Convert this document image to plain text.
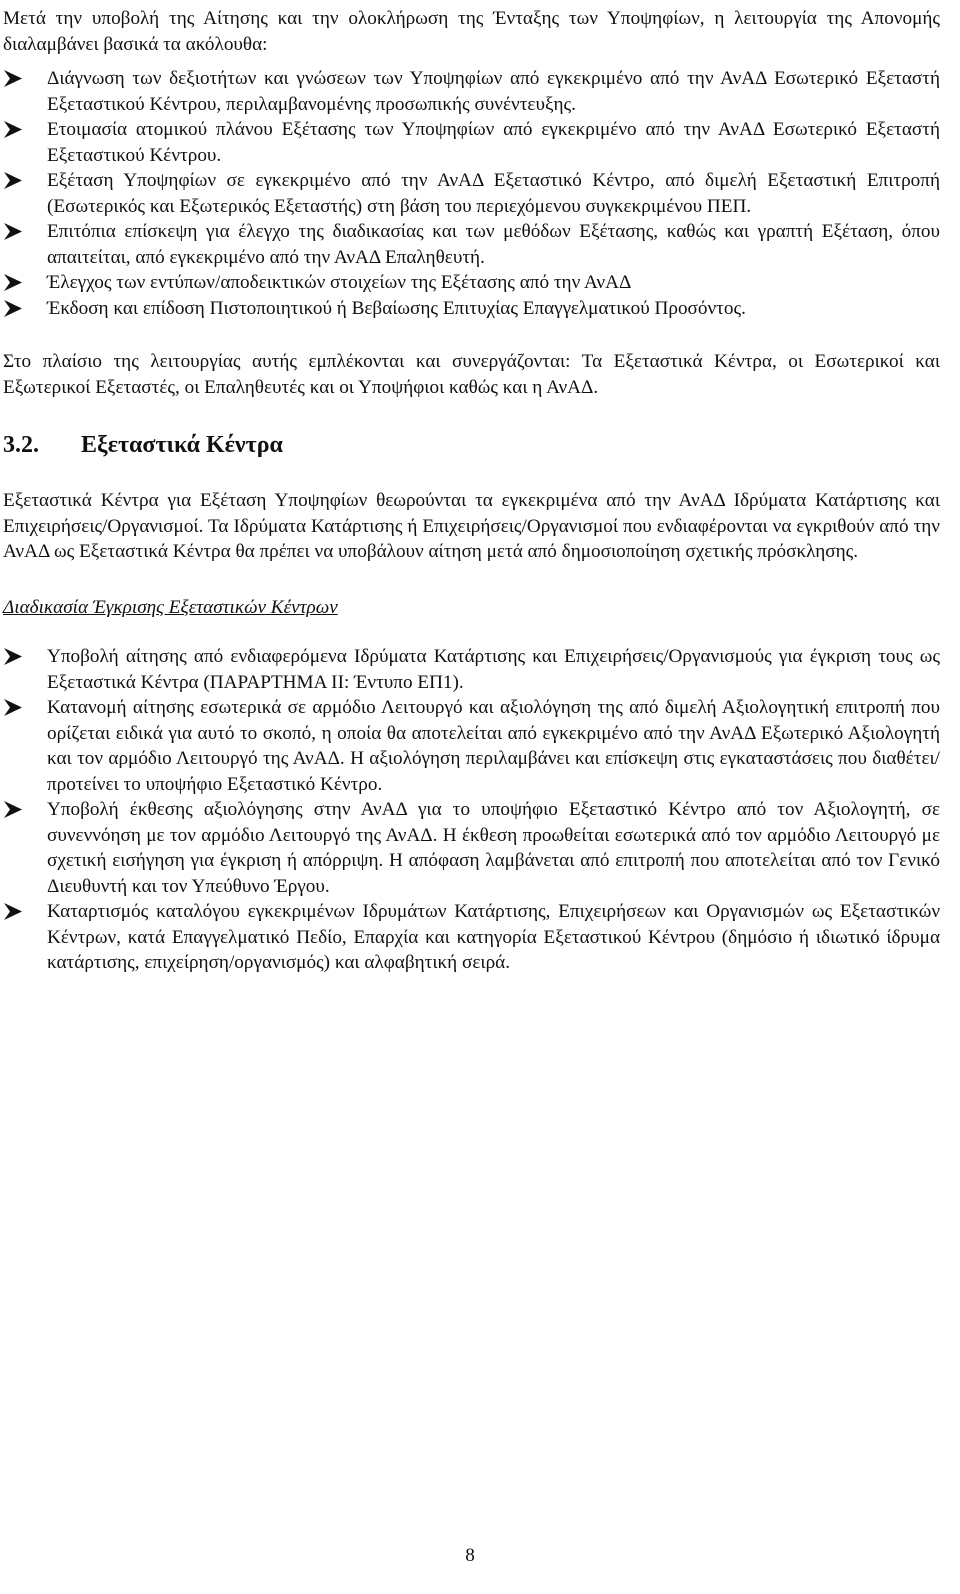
Μετά την υποβολή της Αίτησης και την ολοκλήρωση της Ένταξης των Υποψηφίων, η λειτουργία της Απονομής διαλαμβάνει βασικά τα ακόλουθα:

Διάγνωση των δεξιοτήτων και γνώσεων των Υποψηφίων από εγκεκριμένο από την ΑνΑΔ Εσωτερικό Εξεταστή Εξεταστικού Κέντρου, περιλαμβανομένης προσωπικής συνέντευξης.
Ετοιμασία ατομικού πλάνου Εξέτασης των Υποψηφίων από εγκεκριμένο από την ΑνΑΔ Εσωτερικό Εξεταστή Εξεταστικού Κέντρου.
Εξέταση Υποψηφίων σε εγκεκριμένο από την ΑνΑΔ Εξεταστικό Κέντρο, από διμελή Εξεταστική Επιτροπή (Εσωτερικός και Εξωτερικός Εξεταστής) στη βάση του περιεχόμενου συγκεκριμένου ΠΕΠ.
Επιτόπια επίσκεψη για έλεγχο της διαδικασίας και των μεθόδων Εξέτασης, καθώς και γραπτή Εξέταση, όπου απαιτείται, από εγκεκριμένο από την ΑνΑΔ Επαληθευτή.
Έλεγχος των εντύπων/αποδεικτικών στοιχείων της Εξέτασης από την ΑνΑΔ
Έκδοση και επίδοση Πιστοποιητικού ή Βεβαίωσης Επιτυχίας Επαγγελματικού Προσόντος.

Στο πλαίσιο της λειτουργίας αυτής εμπλέκονται και συνεργάζονται: Τα Εξεταστικά Κέντρα, οι Εσωτερικοί και Εξωτερικοί Εξεταστές, οι Επαληθευτές και οι Υποψήφιοι καθώς και η ΑνΑΔ.

3.2. Εξεταστικά Κέντρα

Εξεταστικά Κέντρα για Εξέταση Υποψηφίων θεωρούνται τα εγκεκριμένα από την ΑνΑΔ Ιδρύματα Κατάρτισης και Επιχειρήσεις/Οργανισμοί. Τα Ιδρύματα Κατάρτισης ή Επιχειρήσεις/Οργανισμοί που ενδιαφέρονται να εγκριθούν από την ΑνΑΔ ως Εξεταστικά Κέντρα θα πρέπει να υποβάλουν αίτηση μετά από δημοσιοποίηση σχετικής πρόσκλησης.

Διαδικασία Έγκρισης Εξεταστικών Κέντρων
Υποβολή αίτησης από ενδιαφερόμενα Ιδρύματα Κατάρτισης και Επιχειρήσεις/Οργανισμούς για έγκριση τους ως Εξεταστικά Κέντρα (ΠΑΡΑΡΤΗΜΑ ΙΙ: Έντυπο ΕΠ1).
Κατανομή αίτησης εσωτερικά σε αρμόδιο Λειτουργό και αξιολόγηση της από διμελή Αξιολογητική επιτροπή που ορίζεται ειδικά για αυτό το σκοπό, η οποία θα αποτελείται από εγκεκριμένο από την ΑνΑΔ Εξωτερικό Αξιολογητή και τον αρμόδιο Λειτουργό της ΑνΑΔ. Η αξιολόγηση περιλαμβάνει και επίσκεψη στις εγκαταστάσεις που διαθέτει/ προτείνει το υποψήφιο Εξεταστικό Κέντρο.
Υποβολή έκθεσης αξιολόγησης στην ΑνΑΔ για το υποψήφιο Εξεταστικό Κέντρο από τον Αξιολογητή, σε συνεννόηση με τον αρμόδιο Λειτουργό της ΑνΑΔ. Η έκθεση προωθείται εσωτερικά από τον αρμόδιο Λειτουργό με σχετική εισήγηση για έγκριση ή απόρριψη. Η απόφαση λαμβάνεται από επιτροπή που αποτελείται από τον Γενικό Διευθυντή και τον Υπεύθυνο Έργου.
Καταρτισμός καταλόγου εγκεκριμένων Ιδρυμάτων Κατάρτισης, Επιχειρήσεων και Οργανισμών ως Εξεταστικών Κέντρων, κατά Επαγγελματικό Πεδίο, Επαρχία και κατηγορία Εξεταστικού Κέντρου (δημόσιο ή ιδιωτικό ίδρυμα κατάρτισης, επιχείρηση/οργανισμός) και αλφαβητική σειρά.
8
